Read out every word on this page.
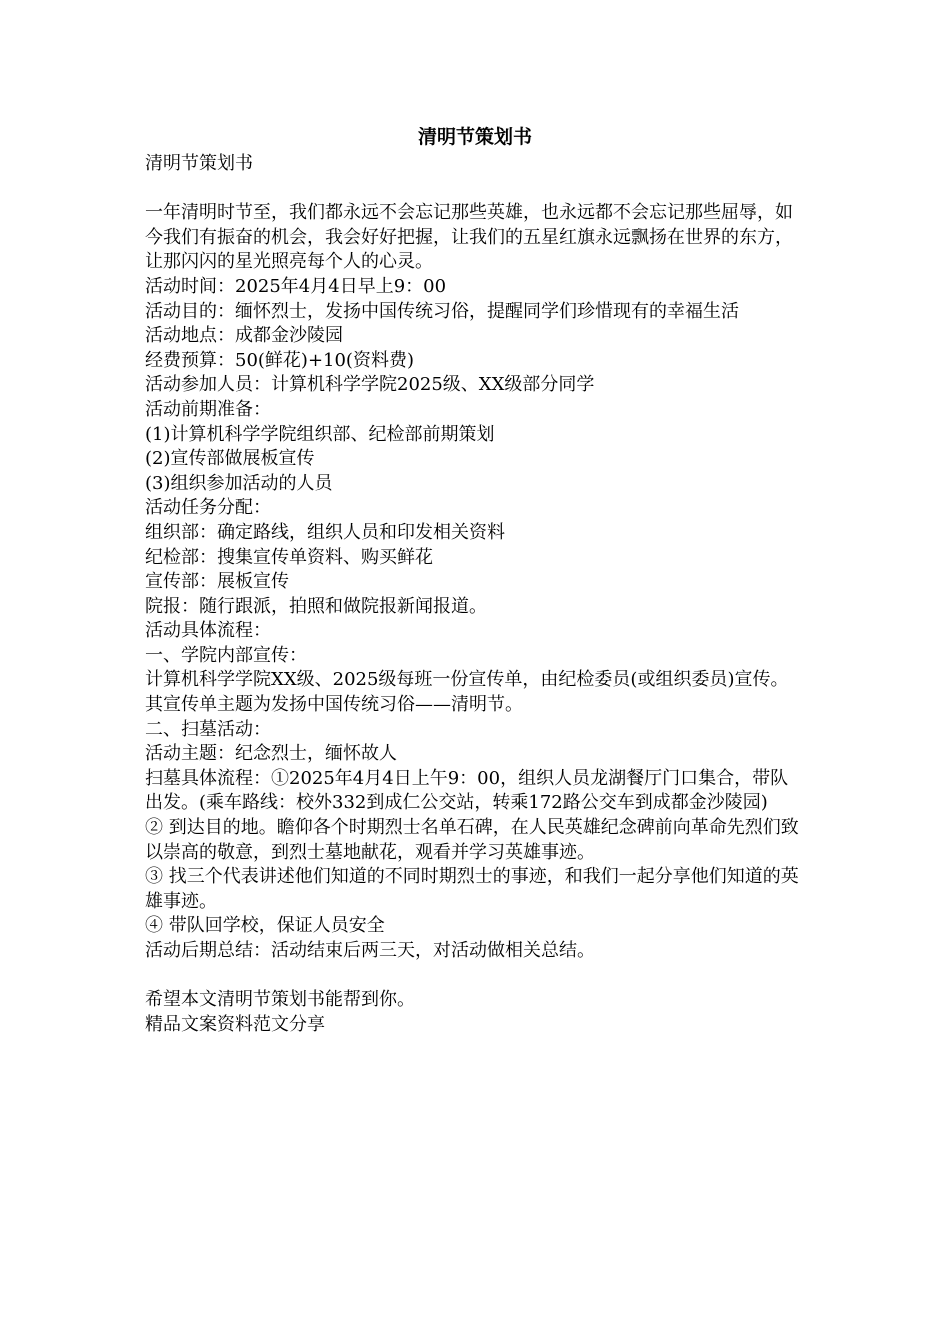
清明节策划书

清明节策划书

一年清明时节至，我们都永远不会忘记那些英雄，也永远都不会忘记那些屈辱，如今我们有振奋的机会，我会好好把握，让我们的五星红旗永远飘扬在世界的东方，让那闪闪的星光照亮每个人的心灵。

活动时间：2025年4月4日早上9：00

活动目的：缅怀烈士，发扬中国传统习俗，提醒同学们珍惜现有的幸福生活

活动地点：成都金沙陵园

经费预算：50(鲜花)+10(资料费)

活动参加人员：计算机科学学院2025级、XX级部分同学

活动前期准备：

(1)计算机科学学院组织部、纪检部前期策划

(2)宣传部做展板宣传

(3)组织参加活动的人员

活动任务分配：

组织部：确定路线，组织人员和印发相关资料

纪检部：搜集宣传单资料、购买鲜花

宣传部：展板宣传

院报：随行跟派，拍照和做院报新闻报道。

活动具体流程：

一、学院内部宣传：

计算机科学学院XX级、2025级每班一份宣传单，由纪检委员(或组织委员)宣传。其宣传单主题为发扬中国传统习俗——清明节。

二、扫墓活动：

活动主题：纪念烈士，缅怀故人

扫墓具体流程：①2025年4月4日上午9：00，组织人员龙湖餐厅门口集合，带队出发。(乘车路线：校外332到成仁公交站，转乘172路公交车到成都金沙陵园)

② 到达目的地。瞻仰各个时期烈士名单石碑，在人民英雄纪念碑前向革命先烈们致以崇高的敬意，到烈士墓地献花，观看并学习英雄事迹。

③ 找三个代表讲述他们知道的不同时期烈士的事迹，和我们一起分享他们知道的英雄事迹。

④ 带队回学校，保证人员安全

活动后期总结：活动结束后两三天，对活动做相关总结。

希望本文清明节策划书能帮到你。

精品文案资料范文分享
